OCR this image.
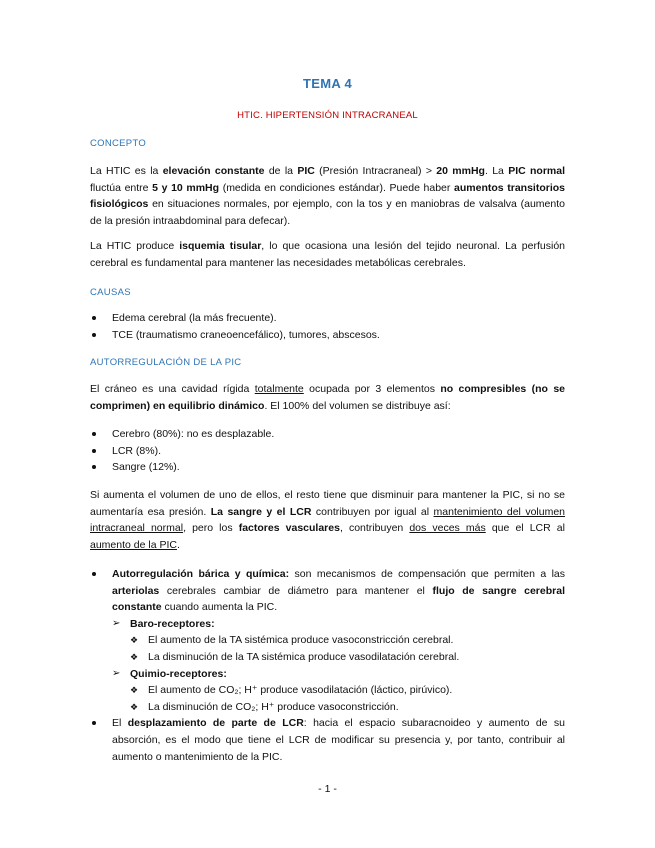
TEMA 4
HTIC. HIPERTENSIÓN INTRACRANEAL
CONCEPTO

La HTIC es la elevación constante de la PIC (Presión Intracraneal) > 20 mmHg. La PIC normal fluctúa entre 5 y 10 mmHg (medida en condiciones estándar). Puede haber aumentos transitorios fisiológicos en situaciones normales, por ejemplo, con la tos y en maniobras de valsalva (aumento de la presión intraabdominal para defecar).

La HTIC produce isquemia tisular, lo que ocasiona una lesión del tejido neuronal. La perfusión cerebral es fundamental para mantener las necesidades metabólicas cerebrales.

CAUSAS
Edema cerebral (la más frecuente).
TCE (traumatismo craneoencefálico), tumores, abscesos.
AUTORREGULACIÓN DE LA PIC

El cráneo es una cavidad rígida totalmente ocupada por 3 elementos no compresibles (no se comprimen) en equilibrio dinámico. El 100% del volumen se distribuye así:

Cerebro (80%): no es desplazable.
LCR (8%).
Sangre (12%).

Si aumenta el volumen de uno de ellos, el resto tiene que disminuir para mantener la PIC, si no se aumentaría esa presión. La sangre y el LCR contribuyen por igual al mantenimiento del volumen intracraneal normal, pero los factores vasculares, contribuyen dos veces más que el LCR al aumento de la PIC.

Autorregulación bárica y química: son mecanismos de compensación que permiten a las arteriolas cerebrales cambiar de diámetro para mantener el flujo de sangre cerebral constante cuando aumenta la PIC.
➢ Baro-receptores:
❖ El aumento de la TA sistémica produce vasoconstricción cerebral.
❖ La disminución de la TA sistémica produce vasodilatación cerebral.
➢ Quimio-receptores:
❖ El aumento de CO₂; H⁺ produce vasodilatación (láctico, pirúvico).
❖ La disminución de CO₂; H⁺ produce vasoconstricción.
El desplazamiento de parte de LCR: hacia el espacio subaracnoideo y aumento de su absorción, es el modo que tiene el LCR de modificar su presencia y, por tanto, contribuir al aumento o mantenimiento de la PIC.
- 1 -
